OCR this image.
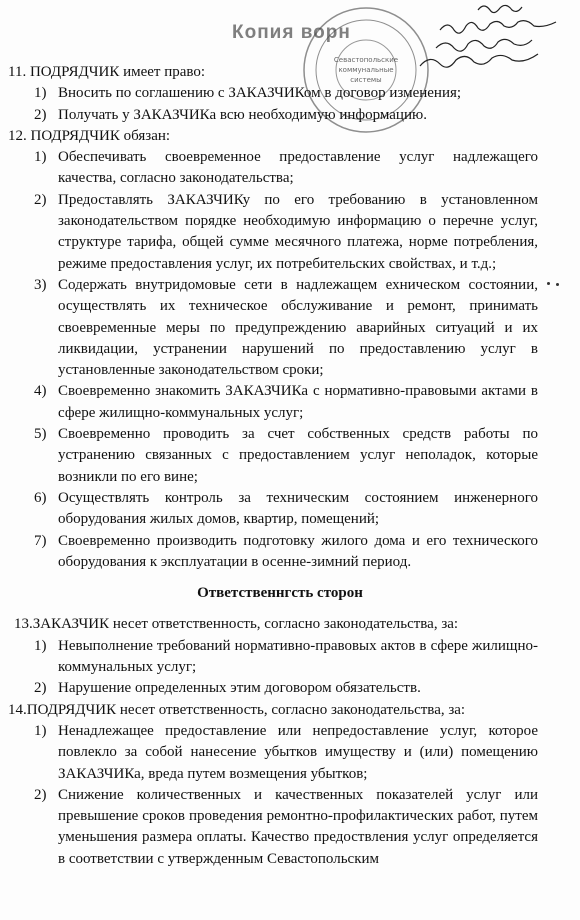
Копия ворн
Севастопольские
коммунальные
системы
11. ПОДРЯДЧИК имеет право:
1) Вносить по соглашению с ЗАКАЗЧИКом в договор изменения;
2) Получать у ЗАКАЗЧИКа всю необходимую информацию.
12. ПОДРЯДЧИК обязан:
1) Обеспечивать своевременное предоставление услуг надлежащего качества, согласно законодательства;
2) Предоставлять ЗАКАЗЧИКу по его требованию в установленном законодательством порядке необходимую информацию о перечне услуг, структуре тарифа, общей сумме месячного платежа, норме потребления, режиме предоставления услуг, их потребительских свойствах, и т.д.;
3) Содержать внутридомовые сети в надлежащем ехническом состоянии, осуществлять их техническое обслуживание и ремонт, принимать своевременные меры по предупреждению аварийных ситуаций и их ликвидации, устранении нарушений по предоставлению услуг в установленные законодательством сроки;
4) Своевременно знакомить ЗАКАЗЧИКа с нормативно-правовыми актами в сфере жилищно-коммунальных услуг;
5) Своевременно проводить за счет собственных средств работы по устранению связанных с предоставлением услуг неполадок, которые возникли по его вине;
6) Осуществлять контроль за техническим состоянием инженерного оборудования жилых домов, квартир, помещений;
7) Своевременно производить подготовку жилого дома и его технического оборудования к эксплуатации в осенне-зимний период.
Ответственнгсть сторон
13.ЗАКАЗЧИК несет ответственность, согласно законодательства, за:
1) Невыполнение требований нормативно-правовых актов в сфере жилищно-коммунальных услуг;
2) Нарушение определенных этим договором обязательств.
14.ПОДРЯДЧИК несет ответственность, согласно законодательства, за:
1) Ненадлежащее предоставление или непредоставление услуг, которое повлекло за собой нанесение убытков имуществу и (или) помещению ЗАКАЗЧИКа, вреда путем возмещения убытков;
2) Снижение количественных и качественных показателей услуг или превышение сроков проведения ремонтно-профилактических работ, путем уменьшения размера оплаты. Качество предоствления услуг определяется в соответствии с утвержденным Севастопольским
